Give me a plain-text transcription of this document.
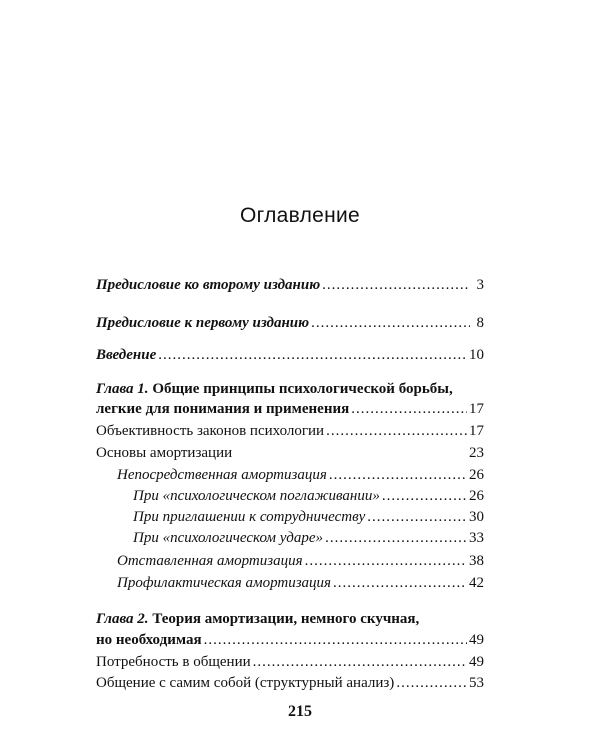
Оглавление
Предисловие ко второму изданию .....	3
Предисловие к первому изданию .....	8
Введение .....	10
Глава 1. Общие принципы психологической борьбы,
легкие для понимания и применения .....	17
Объективность законов психологии .....	17
Основы амортизации	23
Непосредственная амортизация .....	26
При «психологическом поглаживании» .....	26
При приглашении к сотрудничеству .....	30
При «психологическом ударе» .....	33
Отставленная амортизация .....	38
Профилактическая амортизация .....	42
Глава 2. Теория амортизации, немного скучная,
но необходимая .....	49
Потребность в общении .....	49
Общение с самим собой (структурный анализ) .....	53
215
